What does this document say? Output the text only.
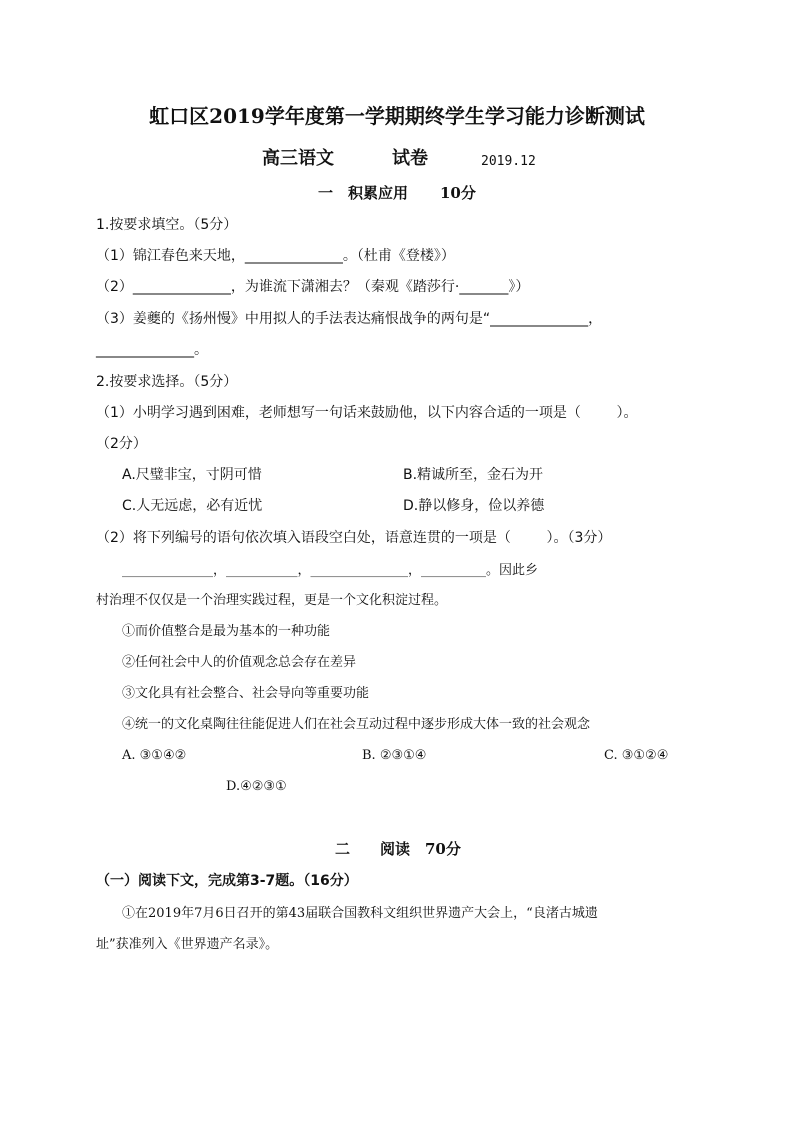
虹口区2019学年度第一学期期终学生学习能力诊断测试
高三语文	试卷	2019.12
一 积累应用 10分
1.按要求填空。（5分）
（1）锦江春色来天地，______________。（杜甫《登楼》）
（2）______________，为谁流下潇湘去？（秦观《踏莎行·_______》）
（3）姜夔的《扬州慢》中用拟人的手法表达痛恨战争的两句是“______________，
______________。
2.按要求选择。（5分）
（1）小明学习遇到困难，老师想写一句话来鼓励他，以下内容合适的一项是（        ）。
（2分）
A.尺璧非宝，寸阴可惜	B.精诚所至，金石为开
C.人无远虑，必有近忧	D.静以修身，俭以养德
（2）将下列编号的语句依次填入语段空白处，语意连贯的一项是（        ）。（3分）
______________，___________，_______________，__________。因此乡
村治理不仅仅是一个治理实践过程，更是一个文化积淀过程。
①而价值整合是最为基本的一种功能
②任何社会中人的价值观念总会存在差异
③文化具有社会整合、社会导向等重要功能
④统一的文化桌陶往往能促进人们在社会互动过程中逐步形成大体一致的社会观念
A. ③①④②	B. ②③①④	C. ③①②④
D.④②③①
二 阅读 70分
（一）阅读下文，完成第3-7题。（16分）
①在2019年7月6日召开的第43届联合国教科文组织世界遗产大会上，“良渚古城遗
址”获准列入《世界遗产名录》。
